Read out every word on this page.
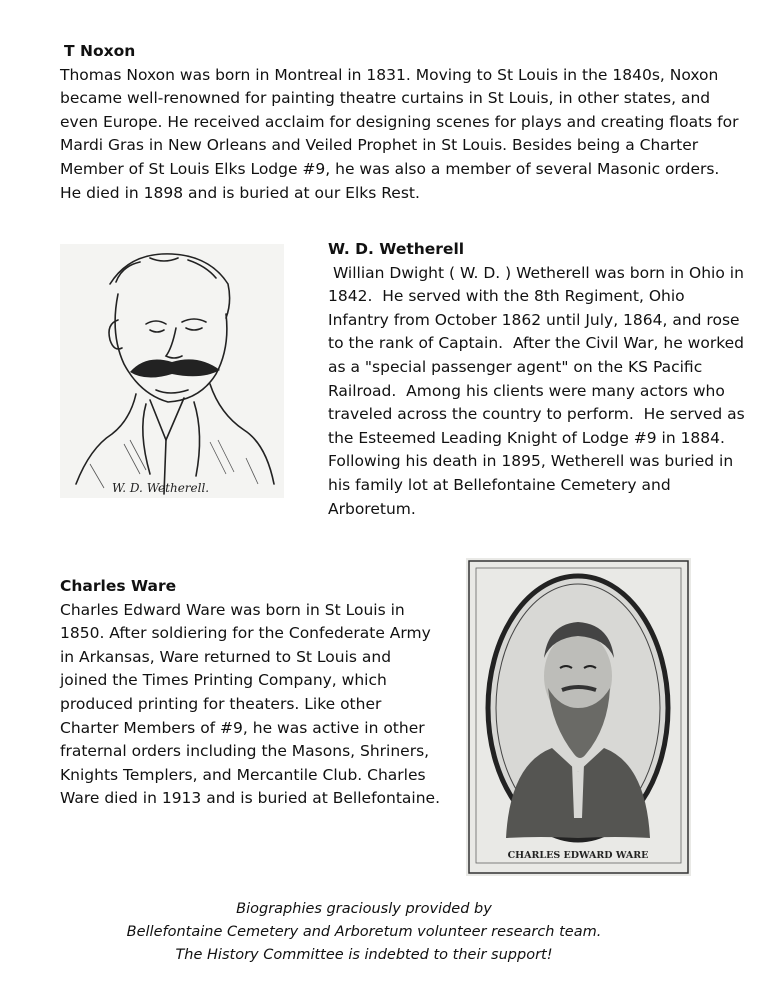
T Noxon
Thomas Noxon was born in Montreal in 1831. Moving to St Louis in the 1840s, Noxon became well-renowned for painting theatre curtains in St Louis, in other states, and even Europe. He received acclaim for designing scenes for plays and creating floats for Mardi Gras in New Orleans and Veiled Prophet in St Louis. Besides being a Charter Member of St Louis Elks Lodge #9, he was also a member of several Masonic orders. He died in 1898 and is buried at our Elks Rest.
W. D. Wetherell.
W. D. Wetherell
Willian Dwight ( W. D. ) Wetherell was born in Ohio in 1842.  He served with the 8th Regiment, Ohio Infantry from October 1862 until July, 1864, and rose to the rank of Captain.  After the Civil War, he worked as a "special passenger agent" on the KS Pacific Railroad.  Among his clients were many actors who traveled across the country to perform.  He served as the Esteemed Leading Knight of Lodge #9 in 1884. Following his death in 1895, Wetherell was buried in his family lot at Bellefontaine Cemetery and Arboretum.
Charles Ware
Charles Edward Ware was born in St Louis in 1850. After soldiering for the Confederate Army in Arkansas, Ware returned to St Louis and joined the Times Printing Company, which produced printing for theaters. Like other Charter Members of #9, he was active in other fraternal orders including the Masons, Shriners, Knights Templers, and Mercantile Club. Charles Ware died in 1913 and is buried at Bellefontaine.
CHARLES EDWARD WARE
Biographies graciously provided by
Bellefontaine Cemetery and Arboretum volunteer research team.
The History Committee is indebted to their support!
